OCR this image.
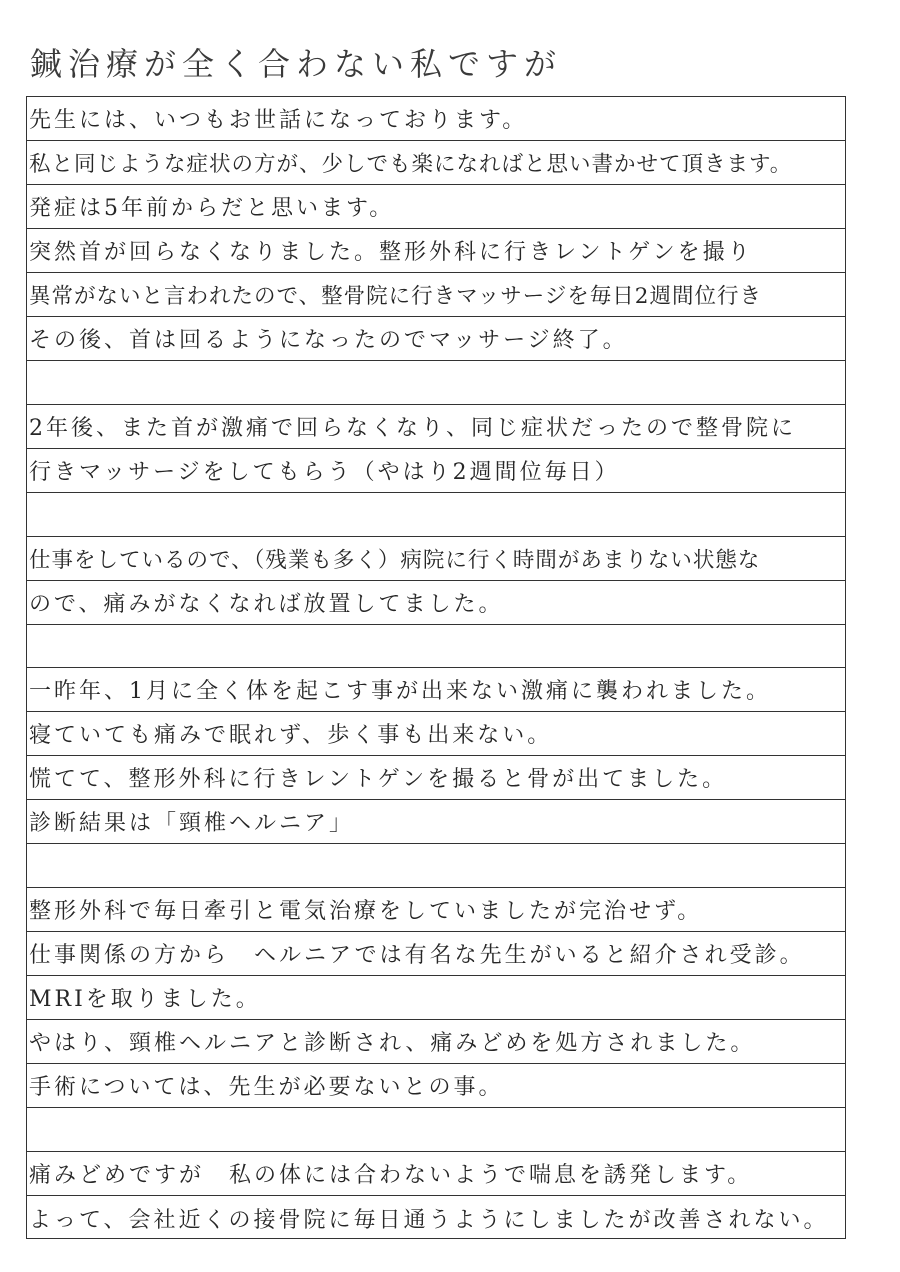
鍼治療が全く合わない私ですが
先生には、いつもお世話になっております。
私と同じような症状の方が、少しでも楽になればと思い書かせて頂きます。
発症は5年前からだと思います。
突然首が回らなくなりました。整形外科に行きレントゲンを撮り
異常がないと言われたので、整骨院に行きマッサージを毎日2週間位行き
その後、首は回るようになったのでマッサージ終了。
2年後、また首が激痛で回らなくなり、同じ症状だったので整骨院に
行きマッサージをしてもらう（やはり2週間位毎日）
仕事をしているので、（残業も多く）病院に行く時間があまりない状態な
ので、痛みがなくなれば放置してました。
一昨年、1月に全く体を起こす事が出来ない激痛に襲われました。
寝ていても痛みで眠れず、歩く事も出来ない。
慌てて、整形外科に行きレントゲンを撮ると骨が出てました。
診断結果は「頸椎ヘルニア」
整形外科で毎日牽引と電気治療をしていましたが完治せず。
仕事関係の方から　ヘルニアでは有名な先生がいると紹介され受診。
MRIを取りました。
やはり、頸椎ヘルニアと診断され、痛みどめを処方されました。
手術については、先生が必要ないとの事。
痛みどめですが　私の体には合わないようで喘息を誘発します。
よって、会社近くの接骨院に毎日通うようにしましたが改善されない。
